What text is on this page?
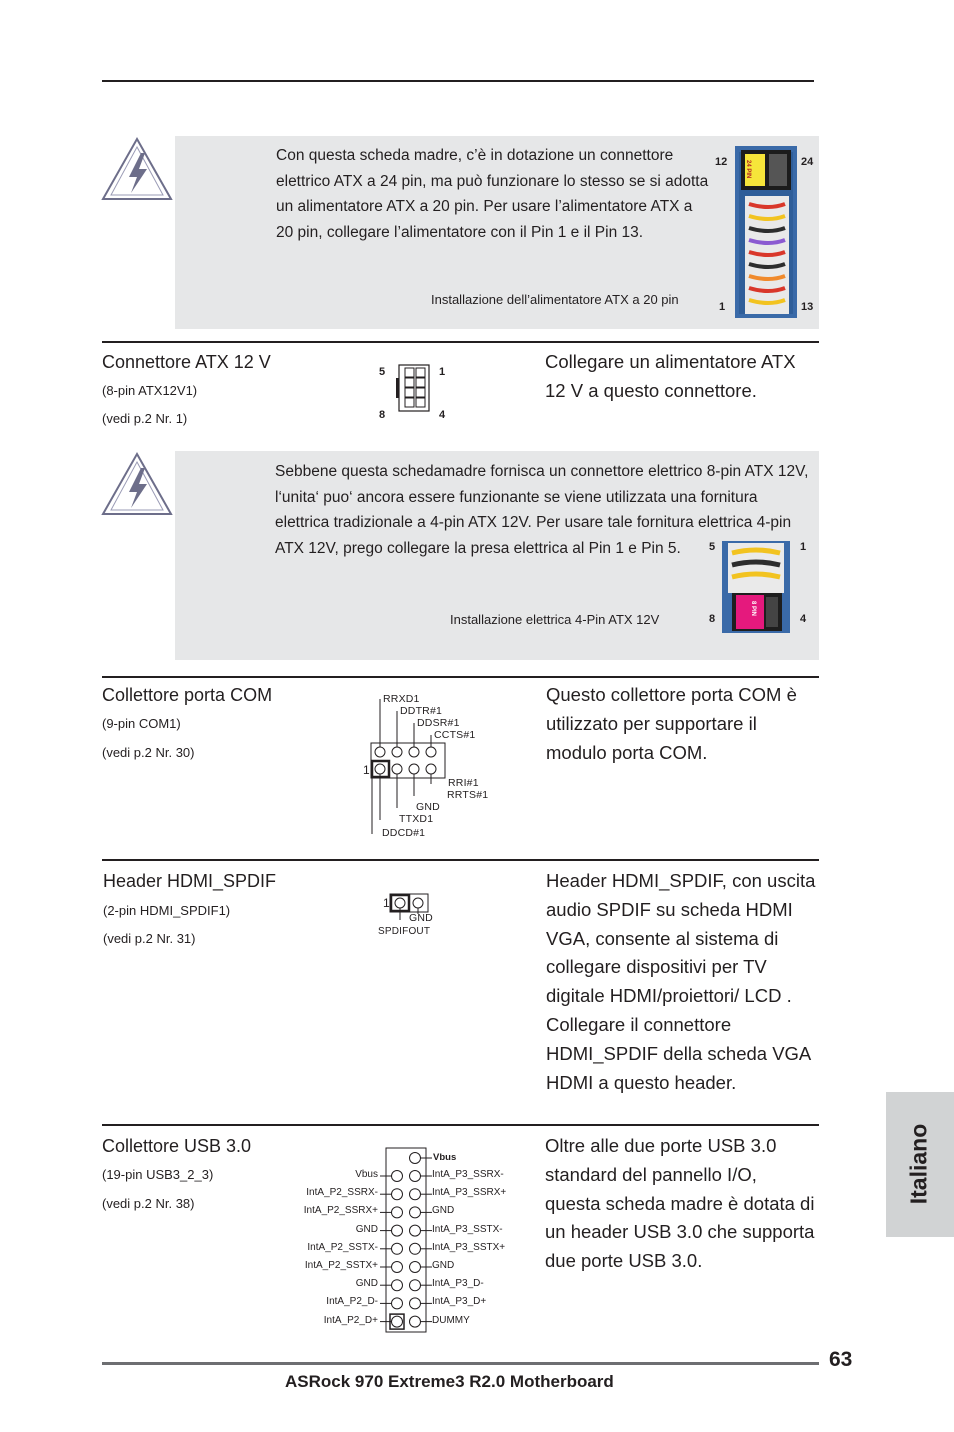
Con questa scheda madre, c’è in dotazione un connettore elettrico ATX a 24 pin, ma può funzionare lo stesso se si adotta un alimentatore ATX a 20 pin. Per usare l’alimentatore ATX a 20 pin, collegare l’alimentatore con il Pin 1 e il Pin 13.
Installazione dell’alimentatore ATX a 20 pin
24 PIN
12	24
1	13
Connettore ATX 12 V
(8-pin ATX12V1)
(vedi p.2 Nr. 1)
5	1
8	4
Collegare un alimentatore ATX 12 V a questo connettore.
Sebbene questa schedamadre fornisca un connettore elettrico 8-pin ATX 12V, l‘unita‘ puo‘ ancora essere funzionante se viene utilizzata una fornitura elettrica tradizionale a 4-pin ATX 12V. Per usare tale fornitura elettrica 4-pin ATX 12V, prego collegare la presa elettrica al Pin 1 e Pin 5.
Installazione elettrica 4-Pin ATX 12V
8 PIN
5	1
8	4
Collettore porta COM
(9-pin COM1)
(vedi p.2 Nr. 30)
1
RRXD1
DDTR#1
DDSR#1
CCTS#1
RRI#1
RRTS#1
GND
TTXD1
DDCD#1
Questo collettore porta COM è utilizzato per supportare il modulo porta COM.
Header HDMI_SPDIF
(2-pin HDMI_SPDIF1)
(vedi p.2 Nr. 31)
1
GND
SPDIFOUT
Header HDMI_SPDIF, con uscita audio SPDIF su scheda HDMI VGA, consente al sistema di collegare dispositivi per TV digitale HDMI/proiettori/ LCD . Collegare il connettore HDMI_SPDIF della scheda VGA HDMI a questo header.
Collettore USB 3.0
(19-pin USB3_2_3)
(vedi p.2 Nr. 38)
Vbus
Vbus
IntA_P2_SSRX-
IntA_P2_SSRX+
GND
IntA_P2_SSTX-
IntA_P2_SSTX+
GND
IntA_P2_D-
IntA_P2_D+
IntA_P3_SSRX-
IntA_P3_SSRX+
GND
IntA_P3_SSTX-
IntA_P3_SSTX+
GND
IntA_P3_D-
IntA_P3_D+
DUMMY
Oltre alle due porte USB 3.0 standard del pannello I/O, questa scheda madre è dotata di un header USB 3.0 che supporta due porte USB 3.0.
ASRock 970 Extreme3 R2.0 Motherboard
63
Italiano
